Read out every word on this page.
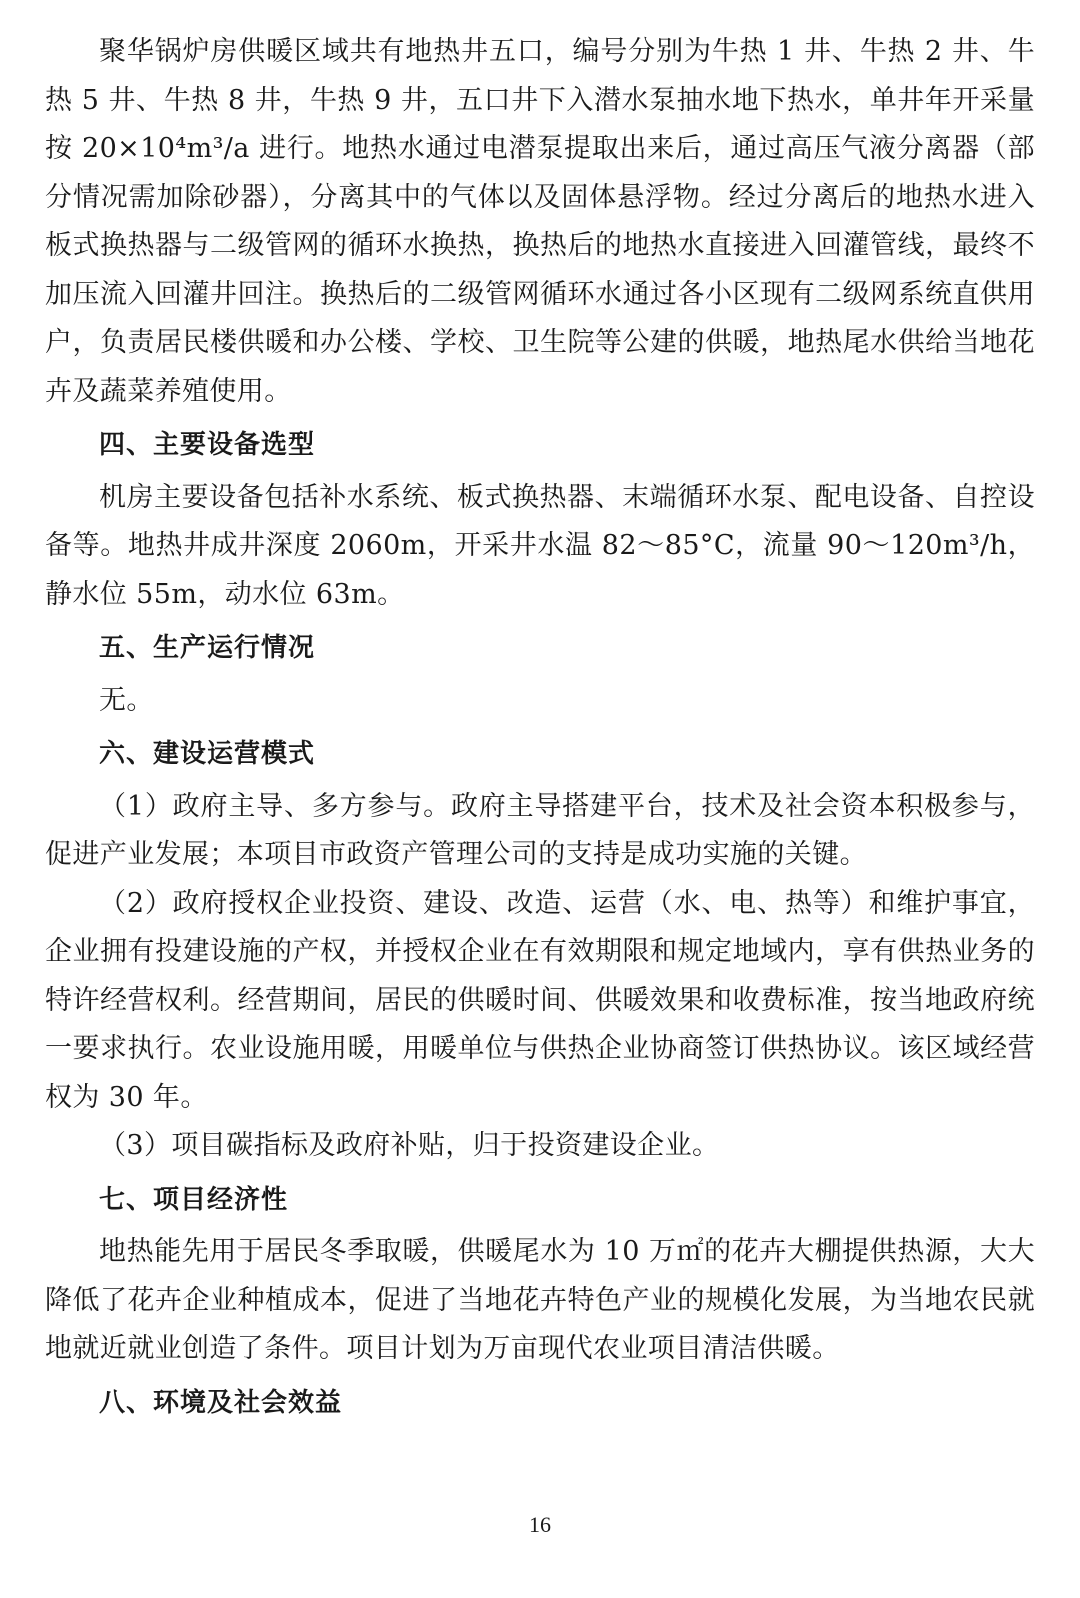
聚华锅炉房供暖区域共有地热井五口，编号分别为牛热 1 井、牛热 2 井、牛热 5 井、牛热 8 井，牛热 9 井，五口井下入潜水泵抽水地下热水，单井年开采量按 20×10⁴m³/a 进行。地热水通过电潜泵提取出来后，通过高压气液分离器（部分情况需加除砂器），分离其中的气体以及固体悬浮物。经过分离后的地热水进入板式换热器与二级管网的循环水换热，换热后的地热水直接进入回灌管线，最终不加压流入回灌井回注。换热后的二级管网循环水通过各小区现有二级网系统直供用户，负责居民楼供暖和办公楼、学校、卫生院等公建的供暖，地热尾水供给当地花卉及蔬菜养殖使用。

四、主要设备选型

机房主要设备包括补水系统、板式换热器、末端循环水泵、配电设备、自控设备等。地热井成井深度 2060m，开采井水温 82～85°C，流量 90～120m³/h，静水位 55m，动水位 63m。

五、生产运行情况

无。

六、建设运营模式

（1）政府主导、多方参与。政府主导搭建平台，技术及社会资本积极参与，促进产业发展；本项目市政资产管理公司的支持是成功实施的关键。

（2）政府授权企业投资、建设、改造、运营（水、电、热等）和维护事宜，企业拥有投建设施的产权，并授权企业在有效期限和规定地域内，享有供热业务的特许经营权利。经营期间，居民的供暖时间、供暖效果和收费标准，按当地政府统一要求执行。农业设施用暖，用暖单位与供热企业协商签订供热协议。该区域经营权为 30 年。

（3）项目碳指标及政府补贴，归于投资建设企业。

七、项目经济性

地热能先用于居民冬季取暖，供暖尾水为 10 万㎡的花卉大棚提供热源，大大降低了花卉企业种植成本，促进了当地花卉特色产业的规模化发展，为当地农民就地就近就业创造了条件。项目计划为万亩现代农业项目清洁供暖。

八、环境及社会效益
16
